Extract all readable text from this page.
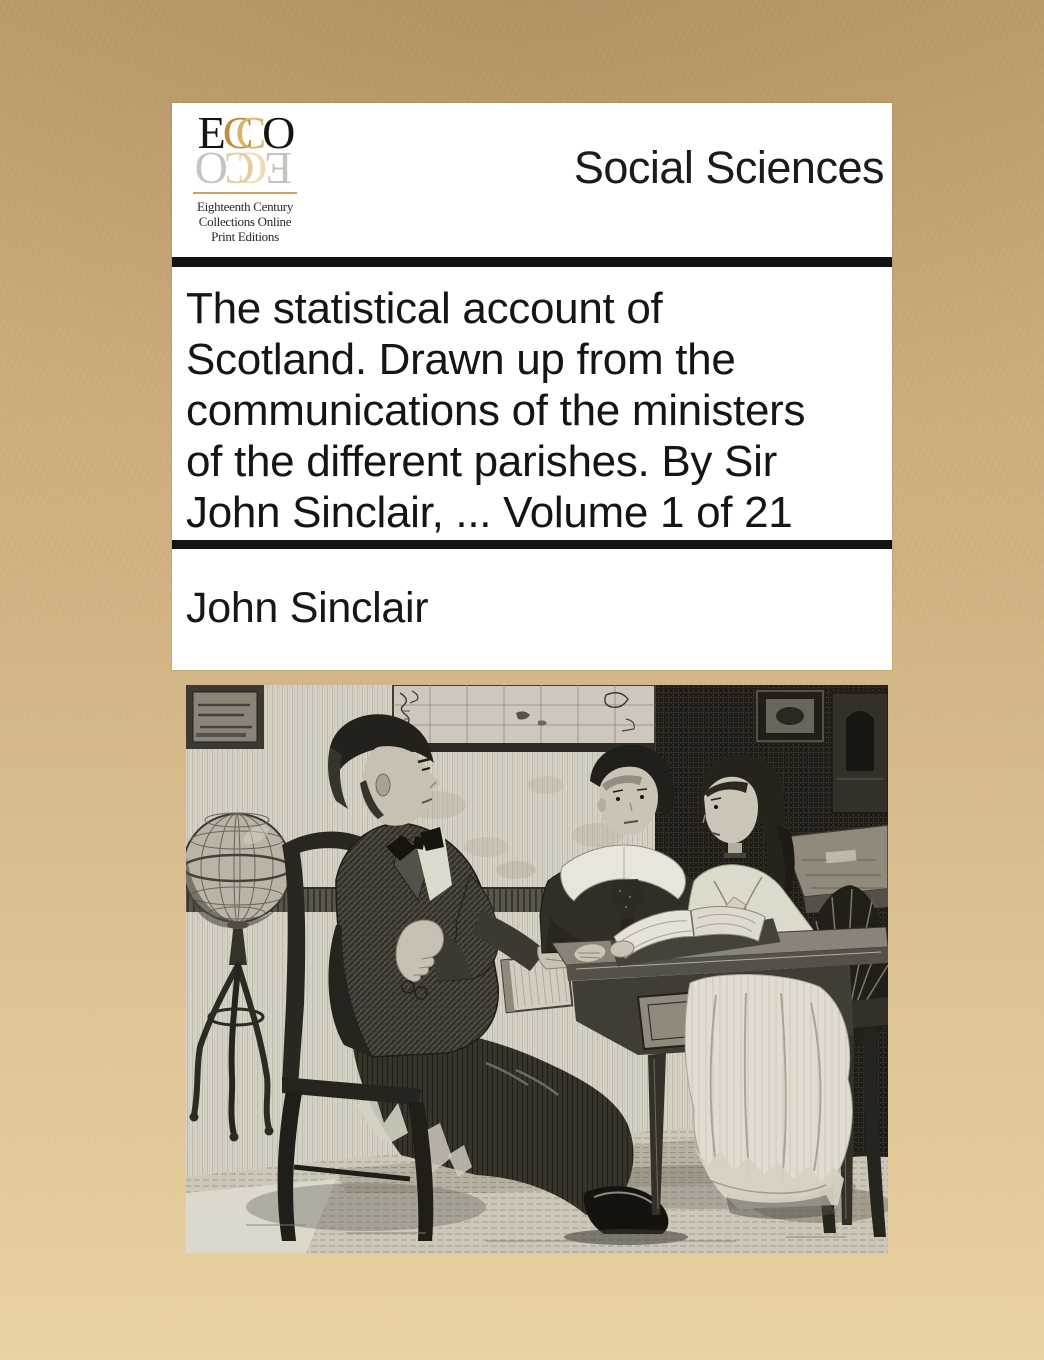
ECC O
ECCO
Eighteenth Century
Collections Online
Print Editions
Social Sciences
The statistical account of
Scotland. Drawn up from the
communications of the ministers
of the different parishes. By Sir
John Sinclair, ... Volume 1 of 21
John Sinclair
